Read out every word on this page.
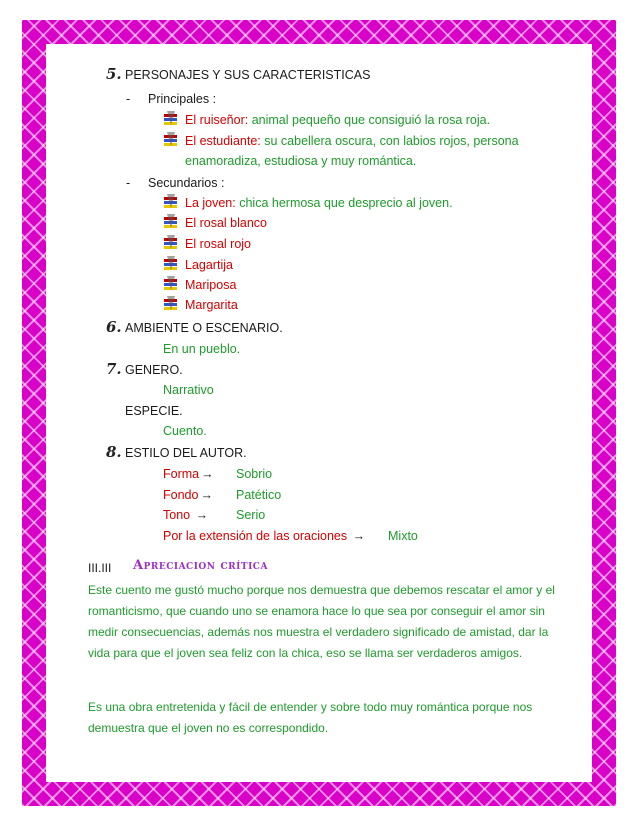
5. PERSONAJES Y SUS CARACTERISTICAS
- Principales :
El ruiseñor: animal pequeño que consiguió la rosa roja.
El estudiante: su cabellera oscura, con labios rojos, persona
enamoradiza, estudiosa y muy romántica.
- Secundarios :
La joven: chica hermosa que desprecio al joven.
El rosal blanco
El rosal rojo
Lagartija
Mariposa
Margarita
6. AMBIENTE O ESCENARIO.
En un pueblo.
7. GENERO.
Narrativo
ESPECIE.
Cuento.
8. ESTILO DEL AUTOR.
Forma → Sobrio
Fondo → Patético
Tono → Serio
Por la extensión de las oraciones → Mixto
III.III Apreciacion crítica

Este cuento me gustó mucho porque nos demuestra que debemos rescatar el amor y el romanticismo, que cuando uno se enamora hace lo que sea por conseguir el amor sin medir consecuencias, además nos muestra el verdadero significado de amistad, dar la vida para que el joven sea feliz con la chica, eso se llama ser verdaderos amigos.

Es una obra entretenida y fácil de entender y sobre todo muy romántica porque nos demuestra que el joven no es correspondido.
